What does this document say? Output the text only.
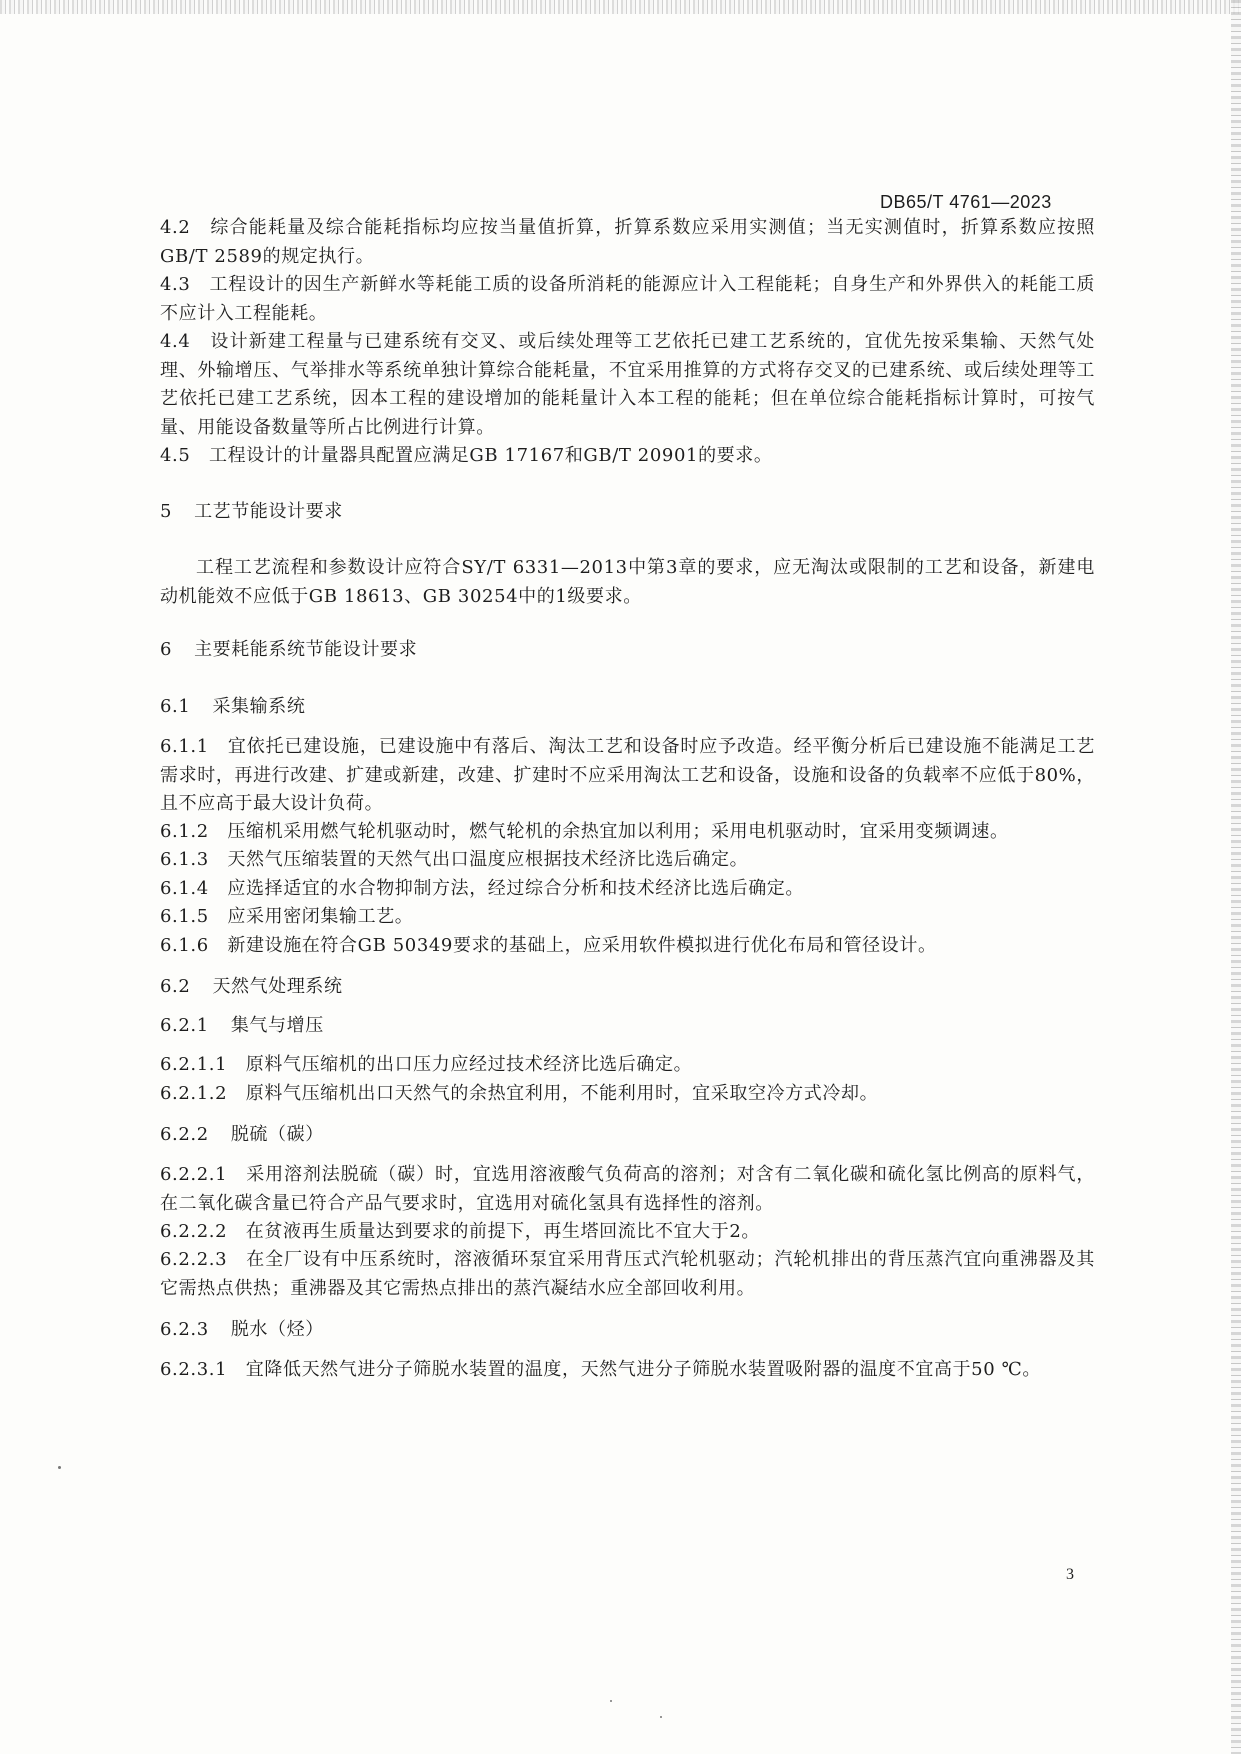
DB65/T 4761—2023

4.2　综合能耗量及综合能耗指标均应按当量值折算，折算系数应采用实测值；当无实测值时，折算系数应按照GB/T 2589的规定执行。

4.3　工程设计的因生产新鲜水等耗能工质的设备所消耗的能源应计入工程能耗；自身生产和外界供入的耗能工质不应计入工程能耗。

4.4　设计新建工程量与已建系统有交叉、或后续处理等工艺依托已建工艺系统的，宜优先按采集输、天然气处理、外输增压、气举排水等系统单独计算综合能耗量，不宜采用推算的方式将存交叉的已建系统、或后续处理等工艺依托已建工艺系统，因本工程的建设增加的能耗量计入本工程的能耗；但在单位综合能耗指标计算时，可按气量、用能设备数量等所占比例进行计算。

4.5　工程设计的计量器具配置应满足GB 17167和GB/T 20901的要求。

5 工艺节能设计要求

工程工艺流程和参数设计应符合SY/T 6331—2013中第3章的要求，应无淘汰或限制的工艺和设备，新建电动机能效不应低于GB 18613、GB 30254中的1级要求。

6 主要耗能系统节能设计要求
6.1 采集输系统

6.1.1　宜依托已建设施，已建设施中有落后、淘汰工艺和设备时应予改造。经平衡分析后已建设施不能满足工艺需求时，再进行改建、扩建或新建，改建、扩建时不应采用淘汰工艺和设备，设施和设备的负载率不应低于80%，且不应高于最大设计负荷。

6.1.2　压缩机采用燃气轮机驱动时，燃气轮机的余热宜加以利用；采用电机驱动时，宜采用变频调速。

6.1.3　天然气压缩装置的天然气出口温度应根据技术经济比选后确定。

6.1.4　应选择适宜的水合物抑制方法，经过综合分析和技术经济比选后确定。

6.1.5　应采用密闭集输工艺。

6.1.6　新建设施在符合GB 50349要求的基础上，应采用软件模拟进行优化布局和管径设计。

6.2 天然气处理系统
6.2.1 集气与增压

6.2.1.1　原料气压缩机的出口压力应经过技术经济比选后确定。

6.2.1.2　原料气压缩机出口天然气的余热宜利用，不能利用时，宜采取空冷方式冷却。

6.2.2 脱硫（碳）

6.2.2.1　采用溶剂法脱硫（碳）时，宜选用溶液酸气负荷高的溶剂；对含有二氧化碳和硫化氢比例高的原料气，在二氧化碳含量已符合产品气要求时，宜选用对硫化氢具有选择性的溶剂。

6.2.2.2　在贫液再生质量达到要求的前提下，再生塔回流比不宜大于2。

6.2.2.3　在全厂设有中压系统时，溶液循环泵宜采用背压式汽轮机驱动；汽轮机排出的背压蒸汽宜向重沸器及其它需热点供热；重沸器及其它需热点排出的蒸汽凝结水应全部回收利用。

6.2.3 脱水（烃）

6.2.3.1　宜降低天然气进分子筛脱水装置的温度，天然气进分子筛脱水装置吸附器的温度不宜高于50 ℃。

3
